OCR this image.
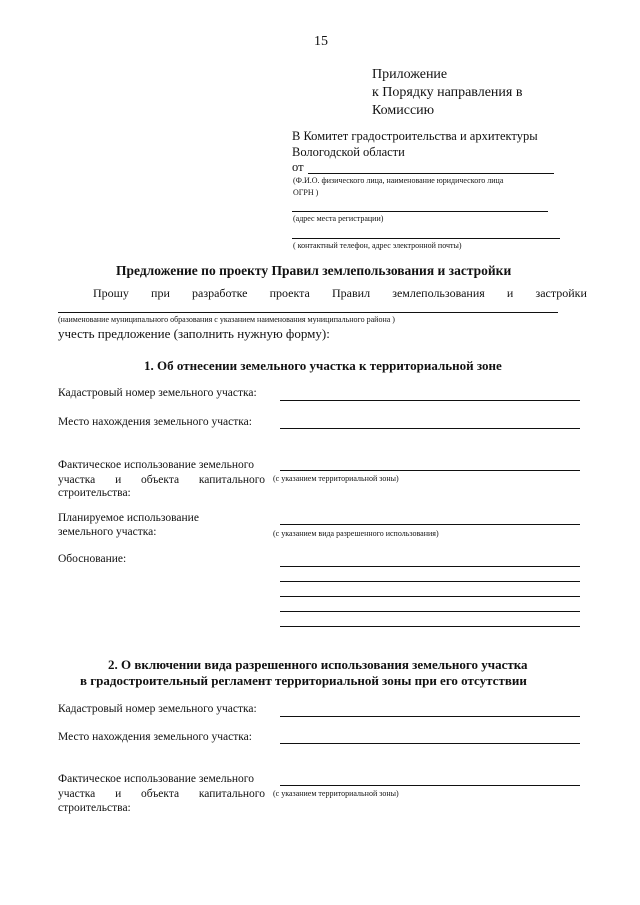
15
Приложение
к Порядку направления в
Комиссию
В Комитет градостроительства и архитектуры
Вологодской области
от
(Ф.И.О. физического лица, наименование юридического лица
ОГРН )
(адрес места регистрации)
( контактный телефон, адрес электронной почты)
Предложение по проекту Правил землепользования и застройки
Прошу при разработке проекта Правил землепользования и застройки
(наименование муниципального образования с указанием наименования муниципального района )
учесть предложение (заполнить нужную форму):
1. Об отнесении земельного участка к территориальной зоне
Кадастровый номер земельного участка:
Место нахождения земельного участка:
Фактическое использование земельного
участка и объекта капитального
строительства:
(с указанием территориальной зоны)
Планируемое использование
земельного участка:	(с указанием вида разрешенного использования)
Обоснование:
2. О включении вида разрешенного использования земельного участка
в градостроительный регламент территориальной зоны при его отсутствии
Кадастровый номер земельного участка:
Место нахождения земельного участка:
Фактическое использование земельного
участка и объекта капитального
строительства:
(с указанием территориальной зоны)
